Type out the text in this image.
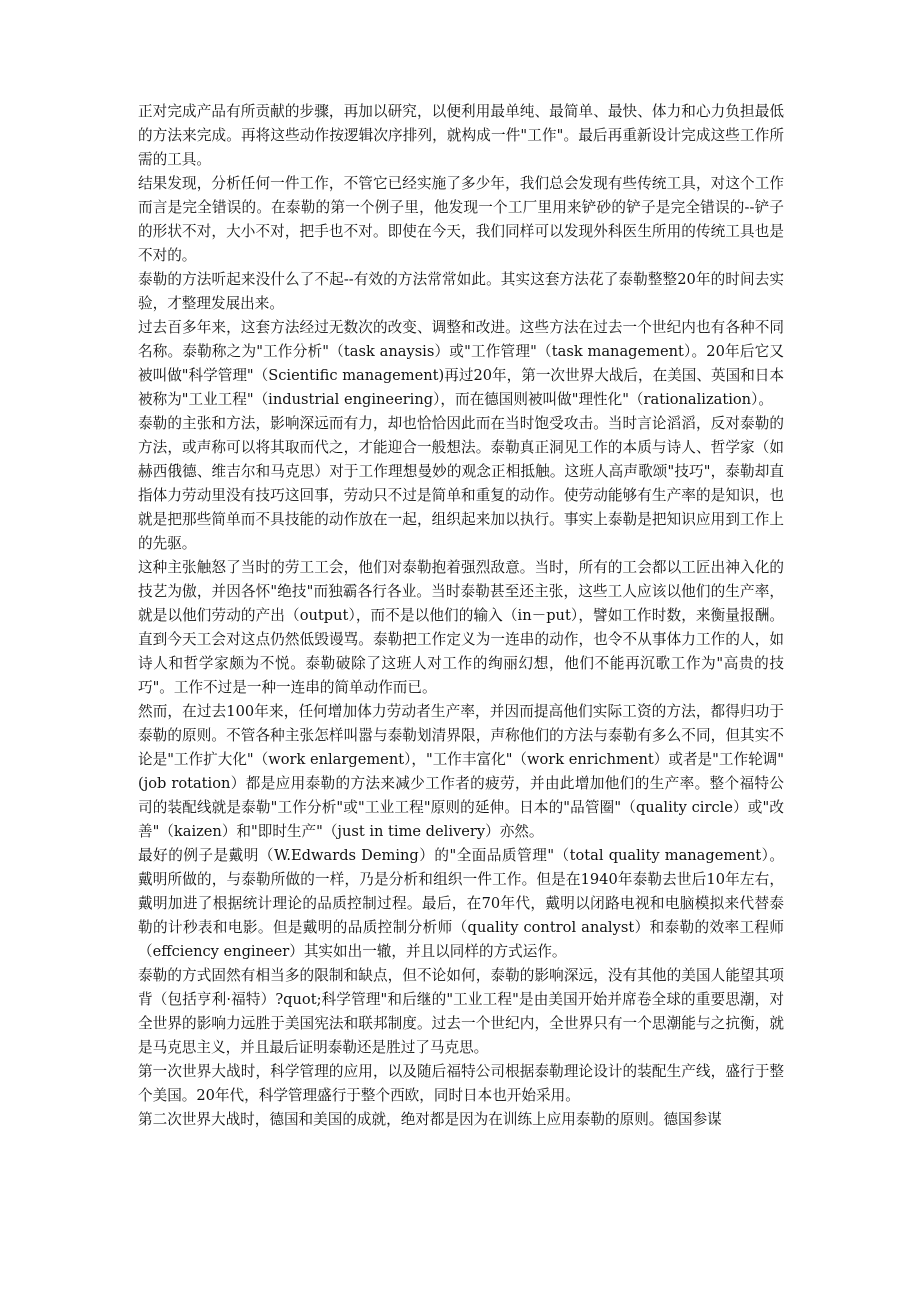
正对完成产品有所贡献的步骤，再加以研究，以便利用最单纯、最简单、最快、体力和心力负担最低的方法来完成。再将这些动作按逻辑次序排列，就构成一件"工作"。最后再重新设计完成这些工作所需的工具。

结果发现，分析任何一件工作，不管它已经实施了多少年，我们总会发现有些传统工具，对这个工作而言是完全错误的。在泰勒的第一个例子里，他发现一个工厂里用来铲砂的铲子是完全错误的--铲子的形状不对，大小不对，把手也不对。即使在今天，我们同样可以发现外科医生所用的传统工具也是不对的。

泰勒的方法听起来没什么了不起--有效的方法常常如此。其实这套方法花了泰勒整整20年的时间去实验，才整理发展出来。

过去百多年来，这套方法经过无数次的改变、调整和改进。这些方法在过去一个世纪内也有各种不同名称。泰勒称之为"工作分析"（task anaysis）或"工作管理"（task management）。20年后它又被叫做"科学管理"（Scientific management)再过20年，第一次世界大战后，在美国、英国和日本被称为"工业工程"（industrial engineering），而在德国则被叫做"理性化"（rationalization）。

泰勒的主张和方法，影响深远而有力，却也恰恰因此而在当时饱受攻击。当时言论滔滔，反对泰勒的方法，或声称可以将其取而代之，才能迎合一般想法。泰勒真正洞见工作的本质与诗人、哲学家（如赫西俄德、维吉尔和马克思）对于工作理想曼妙的观念正相抵触。这班人高声歌颂"技巧"，泰勒却直指体力劳动里没有技巧这回事，劳动只不过是简单和重复的动作。使劳动能够有生产率的是知识，也就是把那些简单而不具技能的动作放在一起，组织起来加以执行。事实上泰勒是把知识应用到工作上的先驱。

这种主张触怒了当时的劳工工会，他们对泰勒抱着强烈敌意。当时，所有的工会都以工匠出神入化的技艺为傲，并因各怀"绝技"而独霸各行各业。当时泰勒甚至还主张，这些工人应该以他们的生产率，就是以他们劳动的产出（output），而不是以他们的输入（in－put），譬如工作时数，来衡量报酬。直到今天工会对这点仍然低毁谩骂。泰勒把工作定义为一连串的动作，也令不从事体力工作的人，如诗人和哲学家颇为不悦。泰勒破除了这班人对工作的绚丽幻想，他们不能再沉歌工作为"高贵的技巧"。工作不过是一种一连串的简单动作而已。

然而，在过去100年来，任何增加体力劳动者生产率，并因而提高他们实际工资的方法，都得归功于泰勒的原则。不管各种主张怎样叫嚣与泰勒划清界限，声称他们的方法与泰勒有多么不同，但其实不论是"工作扩大化"（work enlargement），"工作丰富化"（work enrichment）或者是"工作轮调"(job rotation）都是应用泰勒的方法来减少工作者的疲劳，并由此增加他们的生产率。整个福特公司的装配线就是泰勒"工作分析"或"工业工程"原则的延伸。日本的"品管圈"（quality circle）或"改善"（kaizen）和"即时生产"（just in time delivery）亦然。

最好的例子是戴明（W.Edwards Deming）的"全面品质管理"（total quality management）。戴明所做的，与泰勒所做的一样，乃是分析和组织一件工作。但是在1940年泰勒去世后10年左右，戴明加进了根据统计理论的品质控制过程。最后，在70年代，戴明以闭路电视和电脑模拟来代替泰勒的计秒表和电影。但是戴明的品质控制分析师（quality control analyst）和泰勒的效率工程师（effciency engineer）其实如出一辙，并且以同样的方式运作。

泰勒的方式固然有相当多的限制和缺点，但不论如何，泰勒的影响深远，没有其他的美国人能望其项背（包括亨利·福特）?quot;科学管理"和后继的"工业工程"是由美国开始并席卷全球的重要思潮，对全世界的影响力远胜于美国宪法和联邦制度。过去一个世纪内，全世界只有一个思潮能与之抗衡，就是马克思主义，并且最后证明泰勒还是胜过了马克思。

第一次世界大战时，科学管理的应用，以及随后福特公司根据泰勒理论设计的装配生产线，盛行于整个美国。20年代，科学管理盛行于整个西欧，同时日本也开始采用。

第二次世界大战时，德国和美国的成就，绝对都是因为在训练上应用泰勒的原则。德国参谋
